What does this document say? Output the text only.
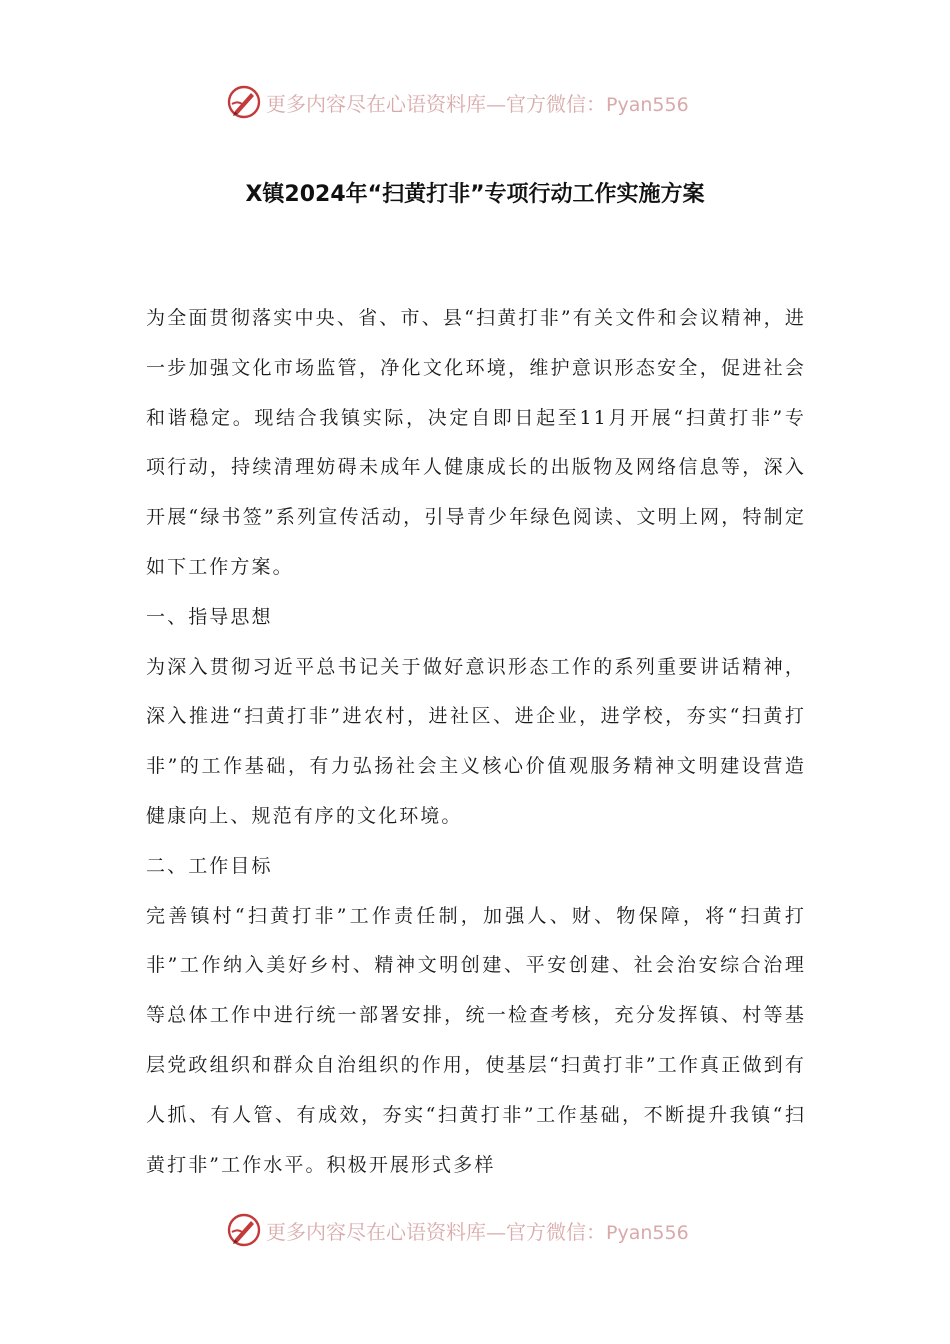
更多内容尽在心语资料库—官方微信：Pyan556
X镇2024年“扫黄打非”专项行动工作实施方案

为全面贯彻落实中央、省、市、县“扫黄打非”有关文件和会议精神，进一步加强文化市场监管，净化文化环境，维护意识形态安全，促进社会和谐稳定。现结合我镇实际，决定自即日起至11月开展“扫黄打非”专项行动，持续清理妨碍未成年人健康成长的出版物及网络信息等，深入开展“绿书签”系列宣传活动，引导青少年绿色阅读、文明上网，特制定如下工作方案。

一、指导思想

为深入贯彻习近平总书记关于做好意识形态工作的系列重要讲话精神，深入推进“扫黄打非”进农村，进社区、进企业，进学校，夯实“扫黄打非”的工作基础，有力弘扬社会主义核心价值观服务精神文明建设营造健康向上、规范有序的文化环境。

二、工作目标

完善镇村“扫黄打非”工作责任制，加强人、财、物保障，将“扫黄打非”工作纳入美好乡村、精神文明创建、平安创建、社会治安综合治理等总体工作中进行统一部署安排，统一检查考核，充分发挥镇、村等基层党政组织和群众自治组织的作用，使基层“扫黄打非”工作真正做到有人抓、有人管、有成效，夯实“扫黄打非”工作基础，不断提升我镇“扫黄打非”工作水平。积极开展形式多样

更多内容尽在心语资料库—官方微信：Pyan556
